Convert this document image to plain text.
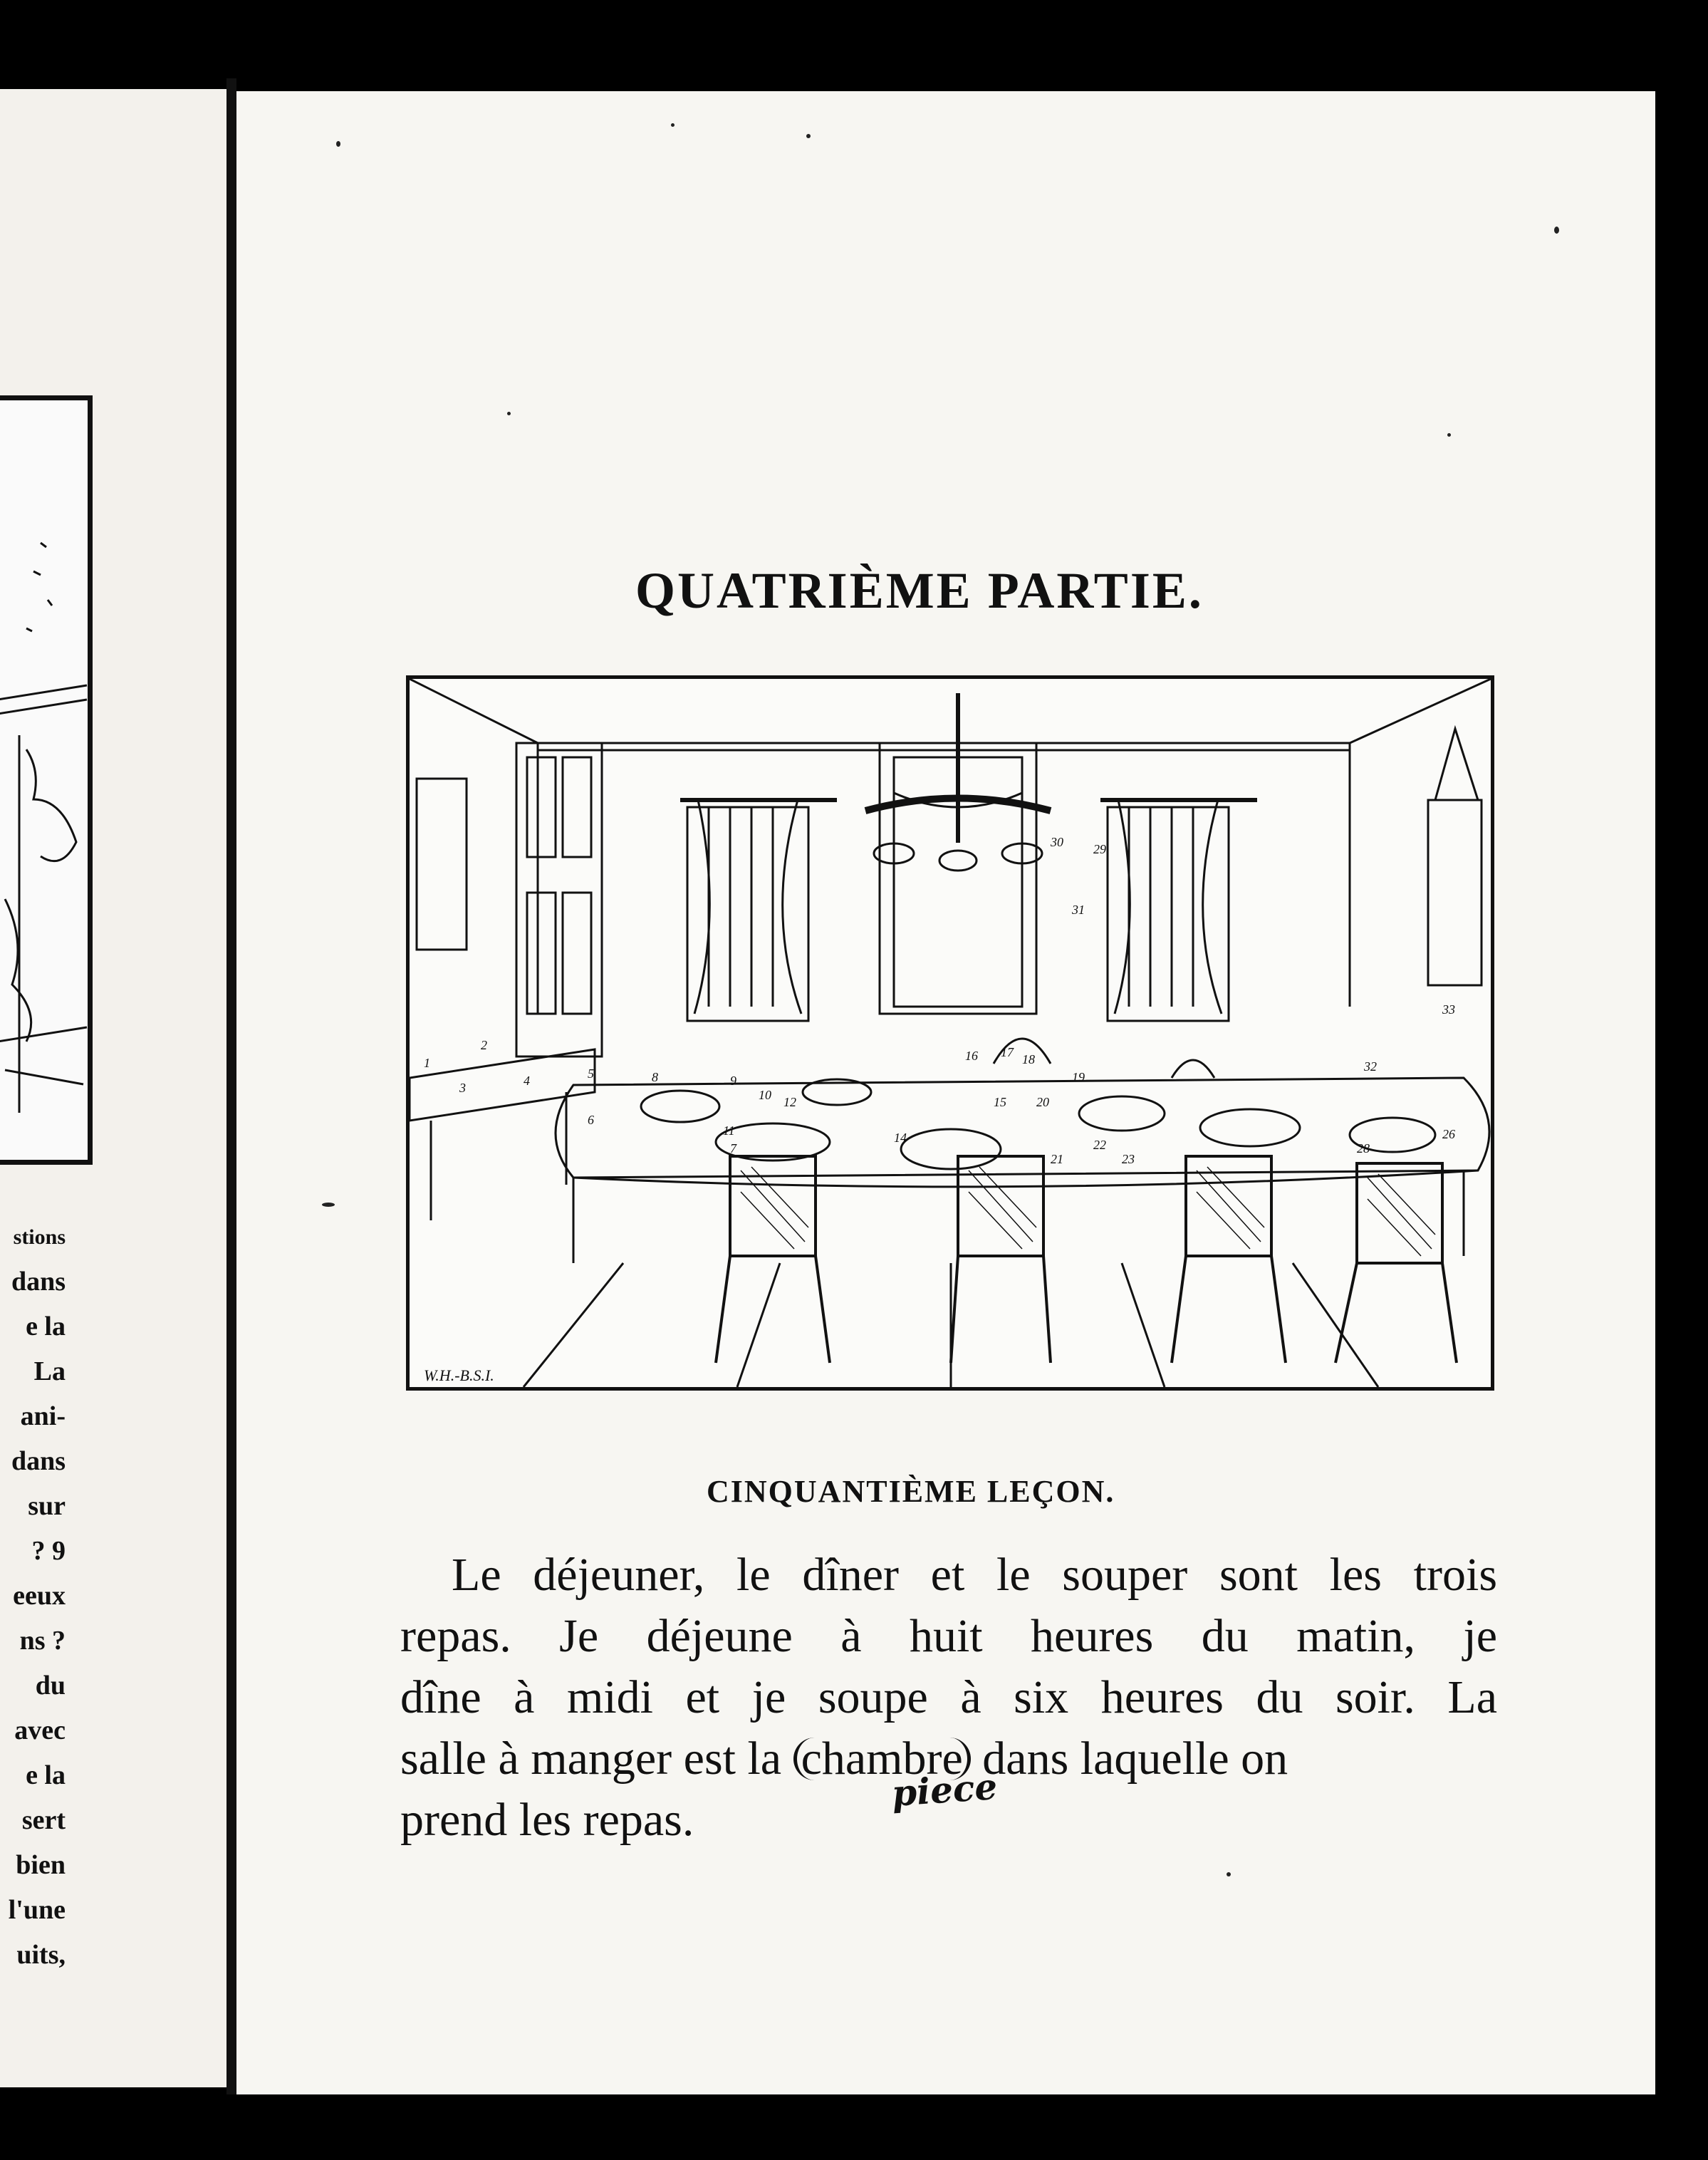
stions
dans
e la
La
ani-
dans
sur
? 9
eeux
ns ?
du
avec
e la
sert
bien
l'une
uits,
QUATRIÈME PARTIE.
1
2
3	4	5
6
7
8	9
10
11
12
14
15
16 17 18
19
20
21
22
23
26
28
29
30
31
32
33
W.H.-B.S.I.
CINQUANTIÈME LEÇON.
Le déjeuner, le dîner et le souper sont les trois
repas. Je déjeune à huit heures du matin, je
dîne à midi et je soupe à six heures du soir. La
salle à manger est la chambre dans laquelle on
prend les repas.
piece
